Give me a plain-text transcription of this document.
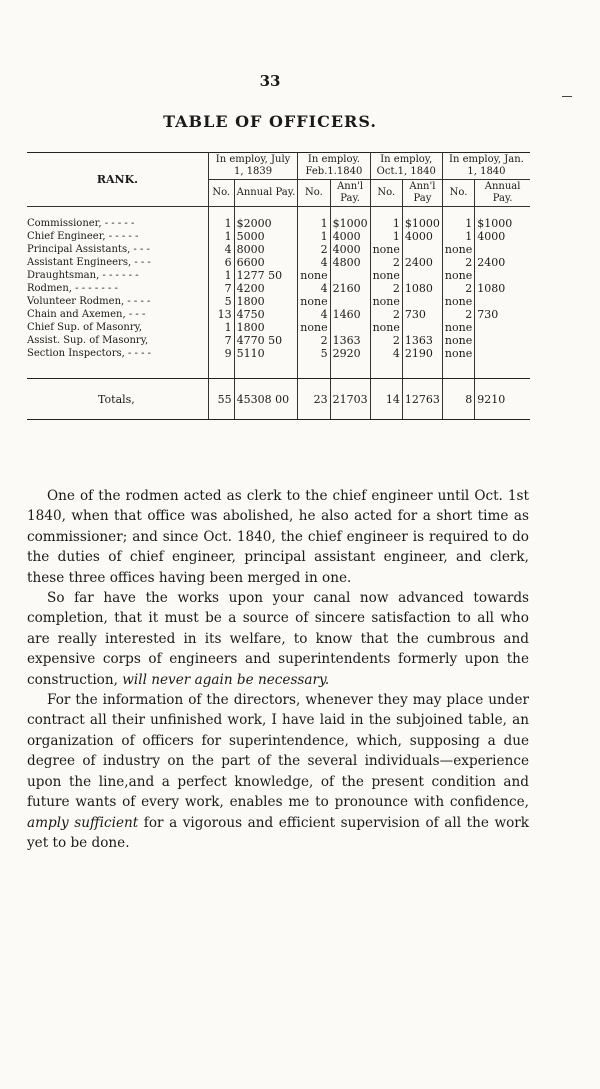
33
TABLE OF OFFICERS.
RANK.	In employ, July 1, 1839		In employ. Feb.1.1840		In employ, Oct.1, 1840		In employ, Jan. 1, 1840	
	No.	Annual Pay.	No.	Ann'l Pay.	No.	Ann'l Pay	No.	Annual Pay.

Commissioner, - - - - -	1	$2000	1	$1000	1	$1000	1	$1000
Chief Engineer, - - - - -	1	5000	1	4000	1	4000	1	4000
Principal Assistants, - - -	4	8000	2	4000	none		none	
Assistant Engineers, - - -	6	6600	4	4800	2	2400	2	2400
Draughtsman, - - - - - -	1	1277 50	none		none		none	
Rodmen, - - - - - - -	7	4200	4	2160	2	1080	2	1080
Volunteer Rodmen, - - - -	5	1800	none		none		none	
Chain and Axemen, - - -	13	4750	4	1460	2	730	2	730
Chief Sup. of Masonry,	1	1800	none		none		none	
Assist. Sup. of Masonry,	7	4770 50	2	1363	2	1363	none	
Section Inspectors, - - - -	9	5110	5	2920	4	2190	none	

Totals,	55	45308 00	23	21703	14	12763	8	9210

One of the rodmen acted as clerk to the chief engineer until Oct. 1st 1840, when that office was abolished, he also acted for a short time as commissioner; and since Oct. 1840, the chief engineer is required to do the duties of chief engineer, principal assistant engineer, and clerk, these three offices having been merged in one.

So far have the works upon your canal now advanced towards completion, that it must be a source of sincere satisfaction to all who are really interested in its welfare, to know that the cumbrous and expensive corps of engineers and superintendents formerly upon the construction, will never again be necessary.

For the information of the directors, whenever they may place under contract all their unfinished work, I have laid in the subjoined table, an organization of officers for superintendence, which, supposing a due degree of industry on the part of the several individuals—experience upon the line,and a perfect knowledge, of the present condition and future wants of every work, enables me to pronounce with confidence, amply sufficient for a vigorous and efficient supervision of all the work yet to be done.
